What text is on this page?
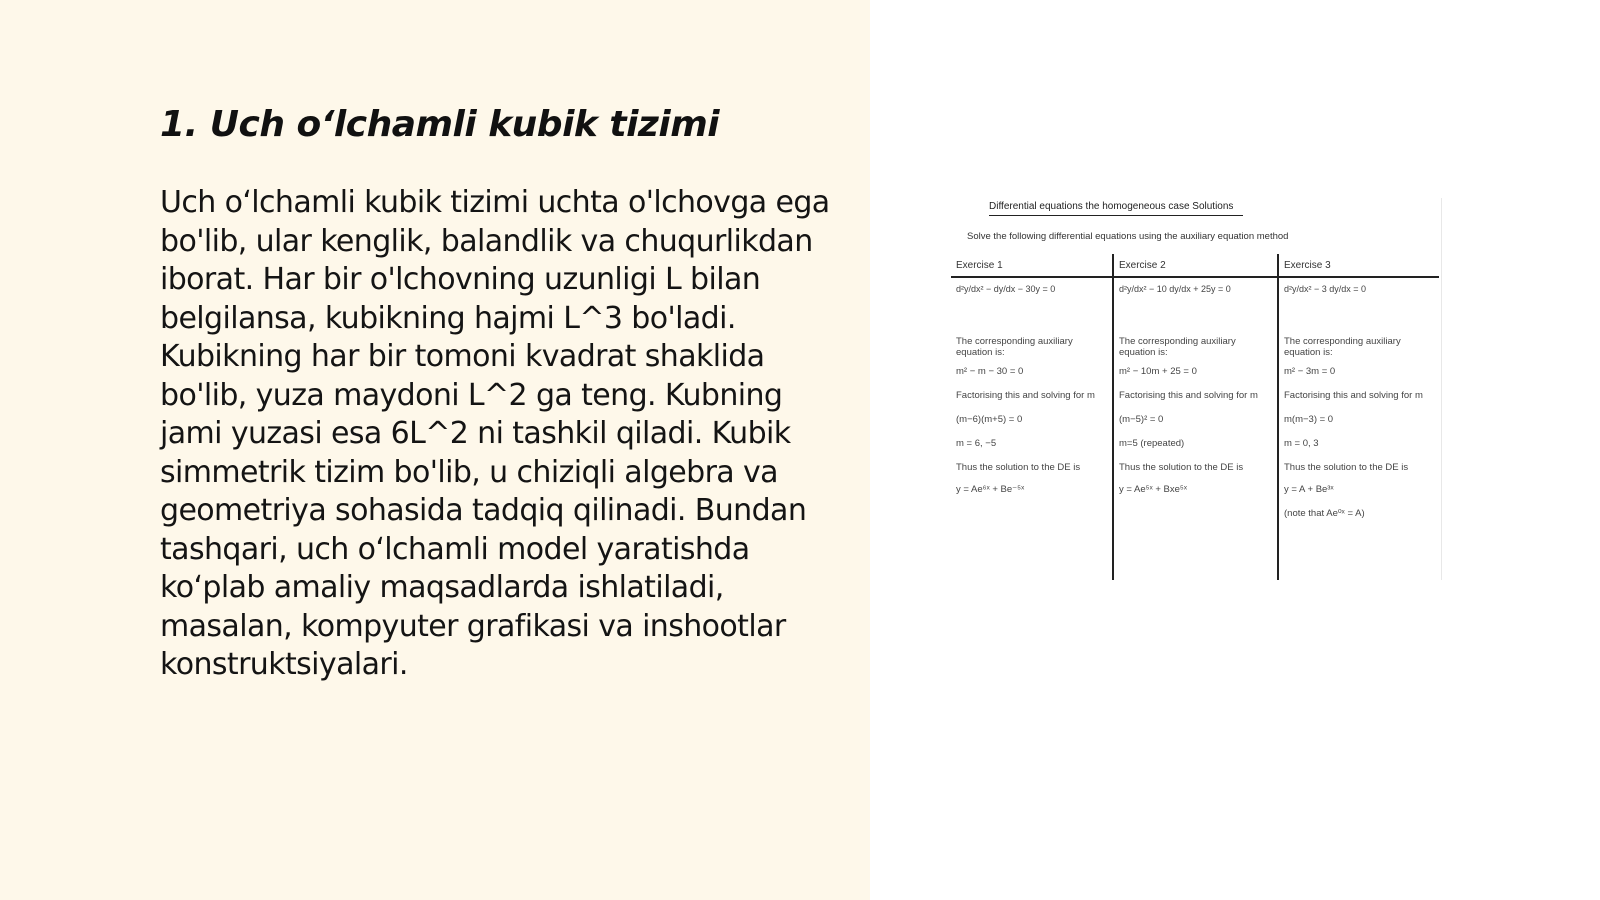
1. Uch o‘lchamli kubik tizimi

Uch o‘lchamli kubik tizimi uchta o'lchovga ega bo'lib, ular kenglik, balandlik va chuqurlikdan iborat. Har bir o'lchovning uzunligi L bilan belgilansa, kubikning hajmi L^3 bo'ladi. Kubikning har bir tomoni kvadrat shaklida bo'lib, yuza maydoni L^2 ga teng. Kubning jami yuzasi esa 6L^2 ni tashkil qiladi. Kubik simmetrik tizim bo'lib, u chiziqli algebra va geometriya sohasida tadqiq qilinadi. Bundan tashqari, uch o‘lchamli model yaratishda ko‘plab amaliy maqsadlarda ishlatiladi, masalan, kompyuter grafikasi va inshootlar konstruktsiyalari.

Differential equations the homogeneous case Solutions
Solve the following differential equations using the auxiliary equation method
Exercise 1
d²y/dx² − dy/dx − 30y = 0
The corresponding auxiliary equation is:
m² − m − 30 = 0
Factorising this and solving for m
(m−6)(m+5) = 0
m = 6, −5
Thus the solution to the DE is
y = Ae⁶ˣ + Be⁻⁵ˣ
Exercise 2
d²y/dx² − 10 dy/dx + 25y = 0
The corresponding auxiliary equation is:
m² − 10m + 25 = 0
Factorising this and solving for m
(m−5)² = 0
m=5 (repeated)
Thus the solution to the DE is
y = Ae⁵ˣ + Bxe⁵ˣ
Exercise 3
d²y/dx² − 3 dy/dx = 0
The corresponding auxiliary equation is:
m² − 3m = 0
Factorising this and solving for m
m(m−3) = 0
m = 0, 3
Thus the solution to the DE is
y = A + Be³ˣ
(note that Ae⁰ˣ = A)
